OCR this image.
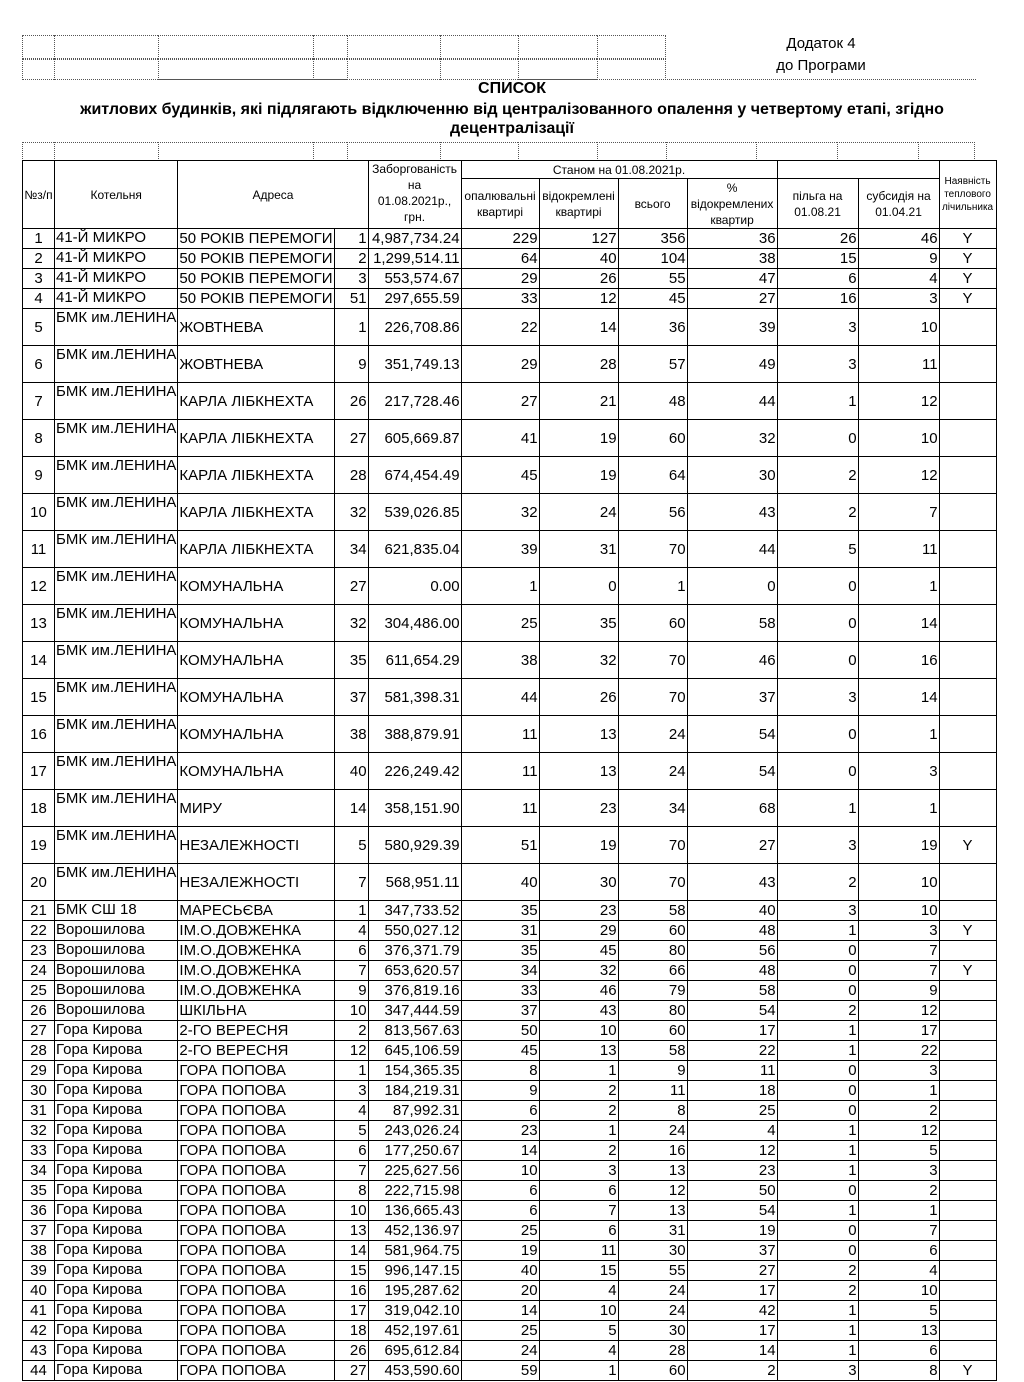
Додаток 4
до Програми
СПИСОК
житлових будинків, які підлягають відключенню від централізованного опалення у четвертому етапі, згідно
децентралізації
№з/п	Котельня	Адреса		Заборгованість на 01.08.2021р., грн.	Станом на 01.08.2021р.						Наявність теплового лічильника
					опалювальні квартирі	відокремлені квартирі	всього	% відокремлених квартир	пільга на 01.08.21	субсидія на 01.04.21	
1	41-Й МИКРО	50 РОКІВ ПЕРЕМОГИ	1	4,987,734.24	229	127	356	36	26	46	Y
2	41-Й МИКРО	50 РОКІВ ПЕРЕМОГИ	2	1,299,514.11	64	40	104	38	15	9	Y
3	41-Й МИКРО	50 РОКІВ ПЕРЕМОГИ	3	553,574.67	29	26	55	47	6	4	Y
4	41-Й МИКРО	50 РОКІВ ПЕРЕМОГИ	51	297,655.59	33	12	45	27	16	3	Y
5	БМК им.ЛЕНИНА	ЖОВТНЕВА	1	226,708.86	22	14	36	39	3	10	
6	БМК им.ЛЕНИНА	ЖОВТНЕВА	9	351,749.13	29	28	57	49	3	11	
7	БМК им.ЛЕНИНА	КАРЛА ЛІБКНЕХТА	26	217,728.46	27	21	48	44	1	12	
8	БМК им.ЛЕНИНА	КАРЛА ЛІБКНЕХТА	27	605,669.87	41	19	60	32	0	10	
9	БМК им.ЛЕНИНА	КАРЛА ЛІБКНЕХТА	28	674,454.49	45	19	64	30	2	12	
10	БМК им.ЛЕНИНА	КАРЛА ЛІБКНЕХТА	32	539,026.85	32	24	56	43	2	7	
11	БМК им.ЛЕНИНА	КАРЛА ЛІБКНЕХТА	34	621,835.04	39	31	70	44	5	11	
12	БМК им.ЛЕНИНА	КОМУНАЛЬНА	27	0.00	1	0	1	0	0	1	
13	БМК им.ЛЕНИНА	КОМУНАЛЬНА	32	304,486.00	25	35	60	58	0	14	
14	БМК им.ЛЕНИНА	КОМУНАЛЬНА	35	611,654.29	38	32	70	46	0	16	
15	БМК им.ЛЕНИНА	КОМУНАЛЬНА	37	581,398.31	44	26	70	37	3	14	
16	БМК им.ЛЕНИНА	КОМУНАЛЬНА	38	388,879.91	11	13	24	54	0	1	
17	БМК им.ЛЕНИНА	КОМУНАЛЬНА	40	226,249.42	11	13	24	54	0	3	
18	БМК им.ЛЕНИНА	МИРУ	14	358,151.90	11	23	34	68	1	1	
19	БМК им.ЛЕНИНА	НЕЗАЛЕЖНОСТІ	5	580,929.39	51	19	70	27	3	19	Y
20	БМК им.ЛЕНИНА	НЕЗАЛЕЖНОСТІ	7	568,951.11	40	30	70	43	2	10	
21	БМК СШ 18	МАРЕСЬЄВА	1	347,733.52	35	23	58	40	3	10	
22	Ворошилова	ІМ.О.ДОВЖЕНКА	4	550,027.12	31	29	60	48	1	3	Y
23	Ворошилова	ІМ.О.ДОВЖЕНКА	6	376,371.79	35	45	80	56	0	7	
24	Ворошилова	ІМ.О.ДОВЖЕНКА	7	653,620.57	34	32	66	48	0	7	Y
25	Ворошилова	ІМ.О.ДОВЖЕНКА	9	376,819.16	33	46	79	58	0	9	
26	Ворошилова	ШКІЛЬНА	10	347,444.59	37	43	80	54	2	12	
27	Гора Кирова	2-ГО ВЕРЕСНЯ	2	813,567.63	50	10	60	17	1	17	
28	Гора Кирова	2-ГО ВЕРЕСНЯ	12	645,106.59	45	13	58	22	1	22	
29	Гора Кирова	ГОРА ПОПОВА	1	154,365.35	8	1	9	11	0	3	
30	Гора Кирова	ГОРА ПОПОВА	3	184,219.31	9	2	11	18	0	1	
31	Гора Кирова	ГОРА ПОПОВА	4	87,992.31	6	2	8	25	0	2	
32	Гора Кирова	ГОРА ПОПОВА	5	243,026.24	23	1	24	4	1	12	
33	Гора Кирова	ГОРА ПОПОВА	6	177,250.67	14	2	16	12	1	5	
34	Гора Кирова	ГОРА ПОПОВА	7	225,627.56	10	3	13	23	1	3	
35	Гора Кирова	ГОРА ПОПОВА	8	222,715.98	6	6	12	50	0	2	
36	Гора Кирова	ГОРА ПОПОВА	10	136,665.43	6	7	13	54	1	1	
37	Гора Кирова	ГОРА ПОПОВА	13	452,136.97	25	6	31	19	0	7	
38	Гора Кирова	ГОРА ПОПОВА	14	581,964.75	19	11	30	37	0	6	
39	Гора Кирова	ГОРА ПОПОВА	15	996,147.15	40	15	55	27	2	4	
40	Гора Кирова	ГОРА ПОПОВА	16	195,287.62	20	4	24	17	2	10	
41	Гора Кирова	ГОРА ПОПОВА	17	319,042.10	14	10	24	42	1	5	
42	Гора Кирова	ГОРА ПОПОВА	18	452,197.61	25	5	30	17	1	13	
43	Гора Кирова	ГОРА ПОПОВА	26	695,612.84	24	4	28	14	1	6	
44	Гора Кирова	ГОРА ПОПОВА	27	453,590.60	59	1	60	2	3	8	Y
